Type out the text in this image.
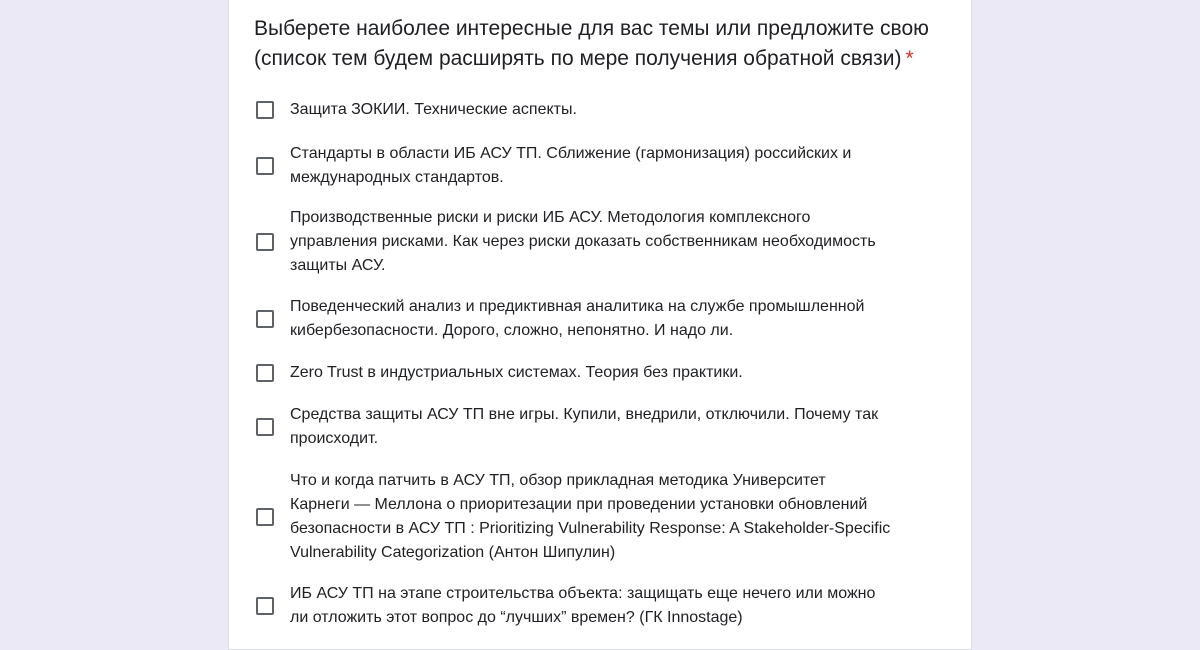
Выберете наиболее интересные для вас темы или предложите свою
(список тем будем расширять по мере получения обратной связи) *
Защита ЗОКИИ. Технические аспекты.
Стандарты в области ИБ АСУ ТП. Сближение (гармонизация) российских и
международных стандартов.
Производственные риски и риски ИБ АСУ. Методология комплексного
управления рисками. Как через риски доказать собственникам необходимость
защиты АСУ.
Поведенческий анализ и предиктивная аналитика на службе промышленной
кибербезопасности. Дорого, сложно, непонятно. И надо ли.
Zero Trust в индустриальных системах. Теория без практики.
Средства защиты АСУ ТП вне игры. Купили, внедрили, отключили. Почему так
происходит.
Что и когда патчить в АСУ ТП, обзор прикладная методика Университет
Карнеги — Меллона о приоритезации при проведении установки обновлений
безопасности в АСУ ТП : Prioritizing Vulnerability Response: A Stakeholder-Specific
Vulnerability Categorization (Антон Шипулин)
ИБ АСУ ТП на этапе строительства объекта: защищать еще нечего или можно
ли отложить этот вопрос до “лучших” времен? (ГК Innostage)
